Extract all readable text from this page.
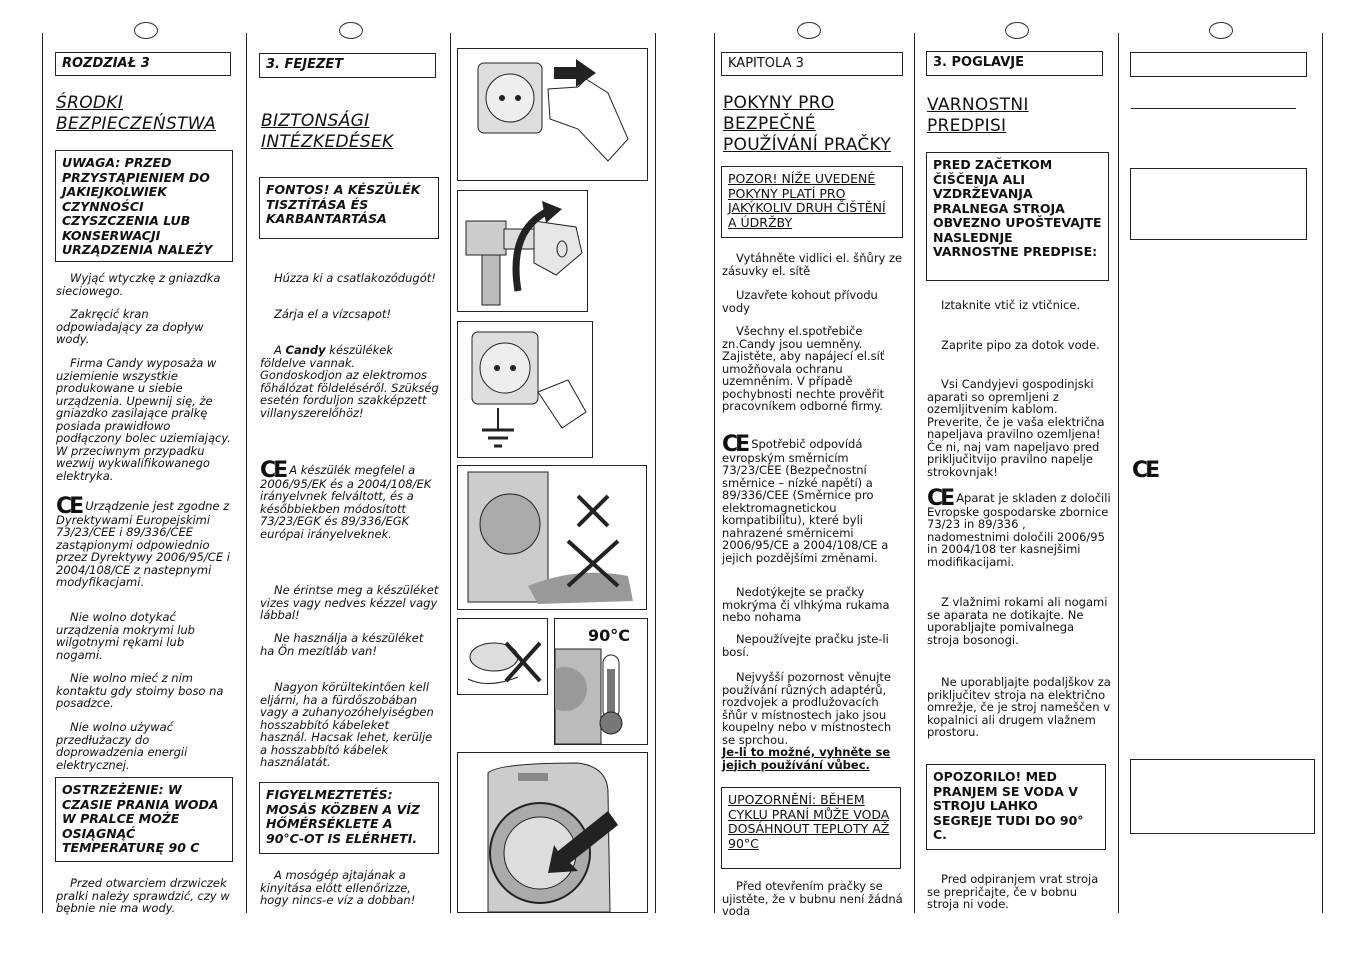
ROZDZIAŁ 3
ŚRODKI BEZPIECZEŃSTWA
UWAGA: PRZED PRZYSTĄPIENIEM DO JAKIEJKOLWIEK CZYNNOŚCI CZYSZCZENIA LUB KONSERWACJI URZĄDZENIA NALEŻY
Wyjąć wtyczkę z gniazdka sieciowego.
Zakręcić kran odpowiadający za dopływ wody.
Firma Candy wyposaża w uziemienie wszystkie produkowane u siebie urządzenia. Upewnij się, że gniazdko zasilające pralkę posiada prawidłowo podłączony bolec uziemiający. W przeciwnym przypadku wezwij wykwalifikowanego elektryka.
CE Urządzenie jest zgodne z Dyrektywami Europejskimi 73/23/CEE i 89/336/CEE zastąpionymi odpowiednio przez Dyrektywy 2006/95/CE i 2004/108/CE z nastepnymi modyfikacjami.
Nie wolno dotykać urządzenia mokrymi lub wilgotnymi rękami lub nogami.
Nie wolno mieć z nim kontaktu gdy stoimy boso na posadzce.
Nie wolno używać przedłużaczy do doprowadzenia energii elektrycznej.
OSTRZEŻENIE: W CZASIE PRANIA WODA W PRALCE MOŻE OSIĄGNĄĆ TEMPERATURĘ 90 C
Przed otwarciem drzwiczek pralki należy sprawdzić, czy w bębnie nie ma wody.
3. FEJEZET
BIZTONSÁGI INTÉZKEDÉSEK
FONTOS! A KÉSZÜLÉK TISZTÍTÁSA ÉS KARBANTARTÁSA
Húzza ki a csatlakozódugót!
Zárja el a vízcsapot!
A Candy készülékek földelve vannak. Gondoskodjon az elektromos főhálózat földeléséről. Szükség esetén forduljon szakképzett villanyszerelőhöz!
CE A készülék megfelel a 2006/95/EK és a 2004/108/EK irányelvnek felváltott, és a későbbiekben módosított 73/23/EGK és 89/336/EGK európai irányelveknek.
Ne érintse meg a készüléket vizes vagy nedves kézzel vagy lábbal!
Ne használja a készüléket ha Ön mezítláb van!
Nagyon körültekintően kell eljárni, ha a fürdőszobában vagy a zuhanyozóhelyiségben hosszabbító kábeleket használ. Hacsak lehet, kerülje a hosszabbító kábelek használatát.
FIGYELMEZTETÉS: MOSÁS KÖZBEN A VÍZ HŐMÉRSÉKLETE A 90°C-OT IS ELÉRHETI.
A mosógép ajtajának a kinyitása előtt ellenőrizze, hogy nincs-e víz a dobban!
90°C
KAPITOLA 3
POKYNY PRO BEZPEČNÉ POUŽÍVÁNÍ PRAČKY
POZOR! NÍŽE UVEDENÉ POKYNY PLATÍ PRO JAKÝKOLIV DRUH ČIŠTĚNÍ A ÚDRŽBY
Vytáhněte vidlici el. šňůry ze zásuvky el. sítě
Uzavřete kohout přívodu vody
Všechny el.spotřebiče zn.Candy jsou uemněny. Zajistěte, aby napájecí el.síť umožňovala ochranu uzemněním. V případě pochybnosti nechte prověřit pracovníkem odborné firmy.
CE Spotřebič odpovídá evropským směrnicím 73/23/CEE (Bezpečnostní směrnice – nízké napětí) a 89/336/CEE (Směrnice pro elektromagnetickou kompatibilitu), které byli nahrazené směrnicemi 2006/95/CE a 2004/108/CE a jejich pozdějšími změnami.
Nedotýkejte se pračky mokrýma či vlhkýma rukama nebo nohama
Nepoužívejte pračku jste-li bosí.
Nejvyšší pozornost věnujte používání různých adaptérů, rozdvojek a prodlužovacích šňůr v místnostech jako jsou koupelny nebo v místnostech se sprchou.
Je-li to možné, vyhněte se jejich používání vůbec.
UPOZORNĚNÍ: BĚHEM CYKLU PRANÍ MŮŽE VODA DOSÁHNOUT TEPLOTY AŽ 90°C
Před otevřením pračky se ujistěte, že v bubnu není žádná voda
3. POGLAVJE
VARNOSTNI PREDPISI
PRED ZAČETKOM ČIŠČENJA ALI VZDRŽEVANJA PRALNEGA STROJA OBVEZNO UPOŠTEVAJTE NASLEDNJE VARNOSTNE PREDPISE:
Iztaknite vtič iz vtičnice.
Zaprite pipo za dotok vode.
Vsi Candyjevi gospodinjski aparati so opremljeni z ozemljitvenim kablom. Preverite, če je vaša električna napeljava pravilno ozemljena! Če ni, naj vam napeljavo pred priključitvijo pravilno napelje strokovnjak!
CE Aparat je skladen z določili Evropske gospodarske zbornice 73/23 in 89/336 , nadomestnimi določili 2006/95 in 2004/108 ter kasnejšimi modifikacijami.
Z vlažnimi rokami ali nogami se aparata ne dotikajte. Ne uporabljajte pomivalnega stroja bosonogi.
Ne uporabljajte podaljškov za priključitev stroja na električno omrežje, če je stroj nameščen v kopalnici ali drugem vlažnem prostoru.
OPOZORILO! MED PRANJEM SE VODA V STROJU LAHKO SEGREJE TUDI DO 90° C.
Pred odpiranjem vrat stroja se prepričajte, če v bobnu stroja ni vode.
CE
